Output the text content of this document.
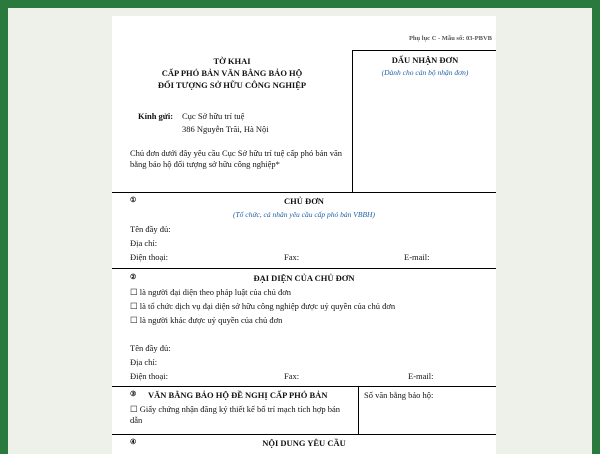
Phụ lục C - Mẫu số: 03-PBVB
TỜ KHAI
CẤP PHÓ BẢN VĂN BẰNG BẢO HỘ
ĐỐI TƯỢNG SỞ HỮU CÔNG NGHIỆP
Kính gửi: Cục Sở hữu trí tuệ
386 Nguyễn Trãi, Hà Nội
Chủ đơn dưới đây yêu cầu Cục Sở hữu trí tuệ cấp phó bản văn bằng bảo hộ đối tượng sở hữu công nghiệp*
DẤU NHẬN ĐƠN
(Dành cho cán bộ nhận đơn)
①	CHỦ ĐƠN
(Tổ chức, cá nhân yêu cầu cấp phó bản VBBH)
Tên đầy đủ:
Địa chỉ:
Điện thoại:	Fax:	E-mail:
②	ĐẠI DIỆN CỦA CHỦ ĐƠN
☐ là người đại diện theo pháp luật của chủ đơn
☐ là tổ chức dịch vụ đại diện sở hữu công nghiệp được uỷ quyền của chủ đơn
☐ là người khác được uỷ quyền của chủ đơn
Tên đầy đủ:
Địa chỉ:
Điện thoại:	Fax:	E-mail:
③ VĂN BẰNG BẢO HỘ ĐỀ NGHỊ CẤP PHÓ BẢN
☐ Giấy chứng nhận đăng ký thiết kế bố trí mạch tích hợp bán dẫn
Số văn bằng bảo hộ:
④	NỘI DUNG YÊU CẦU
